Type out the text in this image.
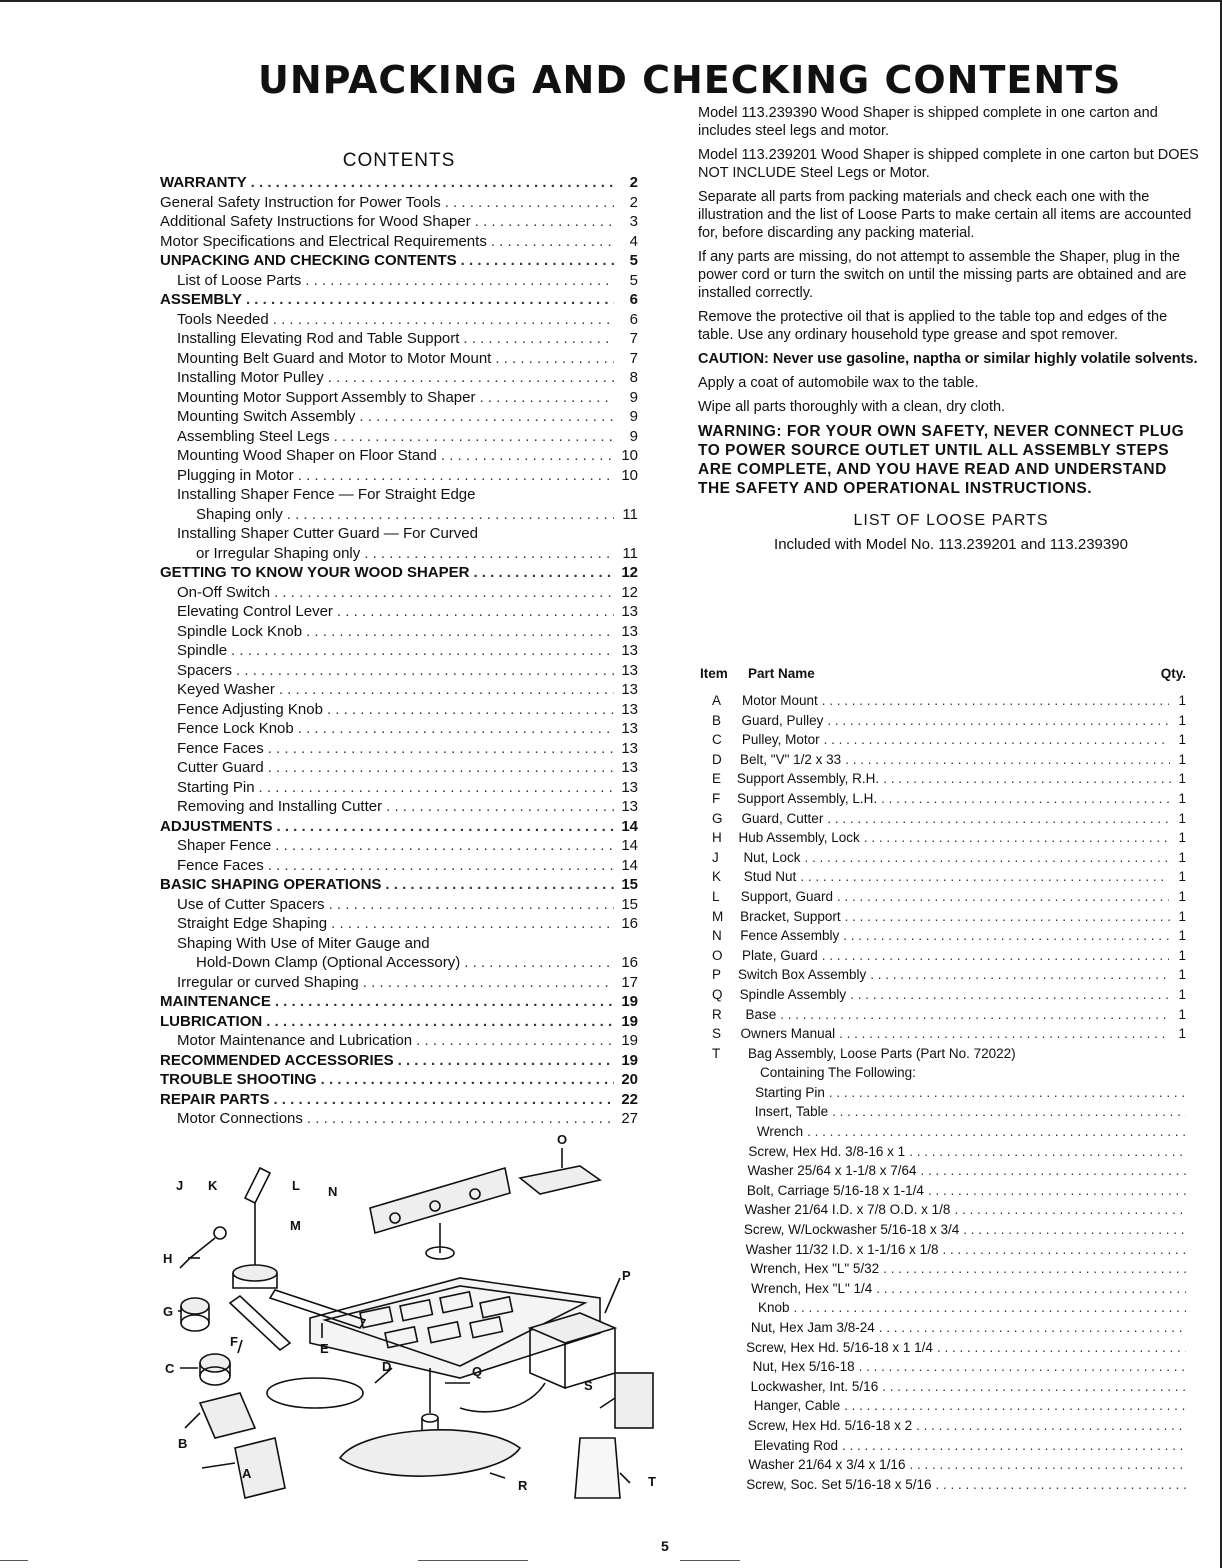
UNPACKING AND CHECKING CONTENTS
CONTENTS
WARRANTY . . .	2
General Safety Instruction for Power Tools . . .	2
Additional Safety Instructions for Wood Shaper . . .	3
Motor Specifications and Electrical Requirements . . .	4
UNPACKING AND CHECKING CONTENTS . . .	5
List of Loose Parts . . .	5
ASSEMBLY . . .	6
Tools Needed . . .	6
Installing Elevating Rod and Table Support . . .	7
Mounting Belt Guard and Motor to Motor Mount . . .	7
Installing Motor Pulley . . .	8
Mounting Motor Support Assembly to Shaper . . .	9
Mounting Switch Assembly . . .	9
Assembling Steel Legs . . .	9
Mounting Wood Shaper on Floor Stand . . .	10
Plugging in Motor . . .	10
Installing Shaper Fence — For Straight Edge
Shaping only . . .	11
Installing Shaper Cutter Guard — For Curved
or Irregular Shaping only . . .	11
GETTING TO KNOW YOUR WOOD SHAPER . . .	12
On-Off Switch . . .	12
Elevating Control Lever . . .	13
Spindle Lock Knob . . .	13
Spindle . . .	13
Spacers . . .	13
Keyed Washer . . .	13
Fence Adjusting Knob . . .	13
Fence Lock Knob . . .	13
Fence Faces . . .	13
Cutter Guard . . .	13
Starting Pin . . .	13
Removing and Installing Cutter . . .	13
ADJUSTMENTS . . .	14
Shaper Fence . . .	14
Fence Faces . . .	14
BASIC SHAPING OPERATIONS . . .	15
Use of Cutter Spacers . . .	15
Straight Edge Shaping . . .	16
Shaping With Use of Miter Gauge and
Hold-Down Clamp (Optional Accessory) . . .	16
Irregular or curved Shaping . . .	17
MAINTENANCE . . .	19
LUBRICATION . . .	19
Motor Maintenance and Lubrication . . .	19
RECOMMENDED ACCESSORIES . . .	19
TROUBLE SHOOTING . . .	20
REPAIR PARTS . . .	22
Motor Connections . . .	27

Model 113.239390 Wood Shaper is shipped complete in one carton and includes steel legs and motor.

Model 113.239201 Wood Shaper is shipped complete in one carton but DOES NOT INCLUDE Steel Legs or Motor.

Separate all parts from packing materials and check each one with the illustration and the list of Loose Parts to make certain all items are accounted for, before discarding any packing material.

If any parts are missing, do not attempt to assemble the Shaper, plug in the power cord or turn the switch on until the missing parts are obtained and are installed correctly.

Remove the protective oil that is applied to the table top and edges of the table. Use any ordinary household type grease and spot remover.

CAUTION: Never use gasoline, naptha or similar highly volatile solvents.

Apply a coat of automobile wax to the table.

Wipe all parts thoroughly with a clean, dry cloth.

WARNING: FOR YOUR OWN SAFETY, NEVER CONNECT PLUG TO POWER SOURCE OUTLET UNTIL ALL ASSEMBLY STEPS ARE COMPLETE, AND YOU HAVE READ AND UNDERSTAND THE SAFETY AND OPERATIONAL INSTRUCTIONS.

LIST OF LOOSE PARTS
Included with Model No. 113.239201 and 113.239390
Item	Part Name	Qty.
A	Motor Mount . . .	1
B	Guard, Pulley . . .	1
C	Pulley, Motor . . .	1
D	Belt, "V" 1/2 x 33 . . .	1
E	Support Assembly, R.H. . . .	1
F	Support Assembly, L.H. . . .	1
G	Guard, Cutter . . .	1
H	Hub Assembly, Lock . . .	1
J	Nut, Lock . . .	1
K	Stud Nut . . .	1
L	Support, Guard . . .	1
M	Bracket, Support . . .	1
N	Fence Assembly . . .	1
O	Plate, Guard . . .	1
P	Switch Box Assembly . . .	1
Q	Spindle Assembly . . .	1
R	Base . . .	1
S	Owners Manual . . .	1
T	Bag Assembly, Loose Parts (Part No. 72022)
Containing The Following:
Starting Pin
. . .
Insert, Table
. . .
Wrench
. . .
Screw, Hex Hd. 3/8-16 x 1
. . .
Washer 25/64 x 1-1/8 x 7/64
. . .
Bolt, Carriage 5/16-18 x 1-1/4
. . .
Washer 21/64 I.D. x 7/8 O.D. x 1/8
. . .
Screw, W/Lockwasher 5/16-18 x 3/4
. . .
Washer 11/32 I.D. x 1-1/16 x 1/8
. . .
Wrench, Hex "L" 5/32
. . .
Wrench, Hex "L" 1/4
. . .
Knob
. . .
Nut, Hex Jam 3/8-24
. . .
Screw, Hex Hd. 5/16-18 x 1 1/4
. . .
Nut, Hex 5/16-18
. . .
Lockwasher, Int. 5/16
. . .
Hanger, Cable
. . .
Screw, Hex Hd. 5/16-18 x 2
. . .
Elevating Rod
. . .
Washer 21/64 x 3/4 x 1/16
. . .
Screw, Soc. Set 5/16-18 x 5/16
. . .
A
B
C	D
E
F
G
H
J K	L
M
N
O
P
Q
R
S
T
5
